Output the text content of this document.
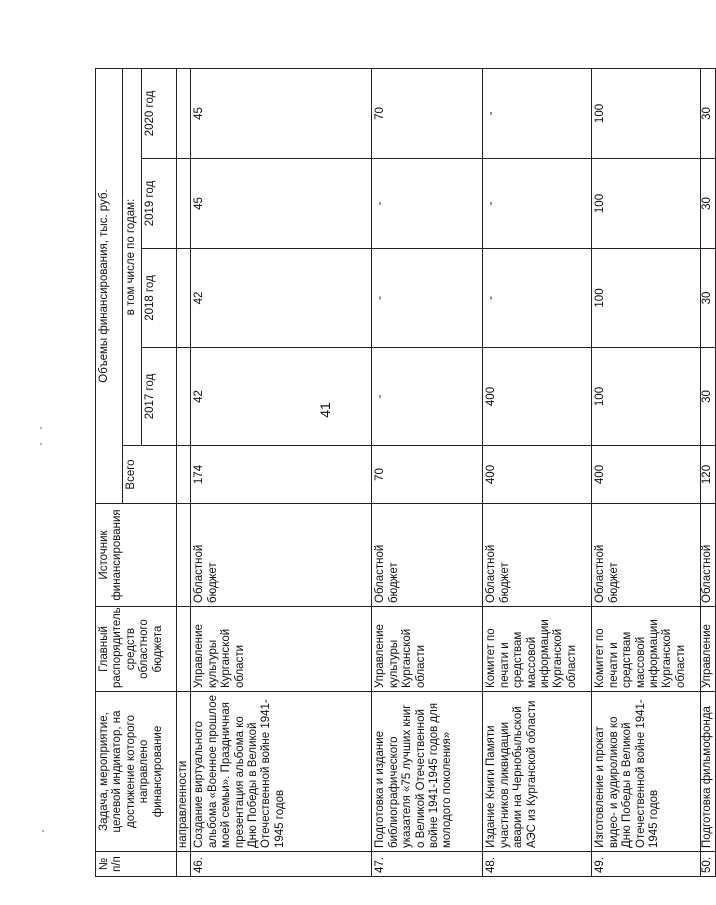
41
№ п/п	Задача, мероприятие, целевой индикатор, на достижение которого направлено финансирование	Главный распорядитель средств областного бюджета	Источник финансирования	Объемы финансирования, тыс. руб.				
				Всего	в том числе по годам:			
					2017 год	2018 год	2019 год	2020 год
	направленности							
46.	Создание виртуального альбома «Военное прошлое моей семьи». Праздничная презентация альбома ко Дню Победы в Великой Отечественной войне 1941-1945 годов	Управление культуры Курганской области	Областной бюджет	174	42	42	45	45
47.	Подготовка и издание библиографического указателя «75 лучших книг о Великой Отечественной войне 1941-1945 годов для молодого поколения»	Управление культуры Курганской области	Областной бюджет	70	-	-	-	70
48.	Издание Книги Памяти участников ликвидации аварии на Чернобыльской АЭС из Курганской области	Комитет по печати и средствам массовой информации Курганской области	Областной бюджет	400	400	-	-	-
49.	Изготовление и прокат видео- и аудироликов ко Дню Победы в Великой Отечественной войне 1941-1945 годов	Комитет по печати и средствам массовой информации Курганской области	Областной бюджет	400	100	100	100	100
50.	Подготовка фильмофонда	Управление	Областной	120	30	30	30	30
